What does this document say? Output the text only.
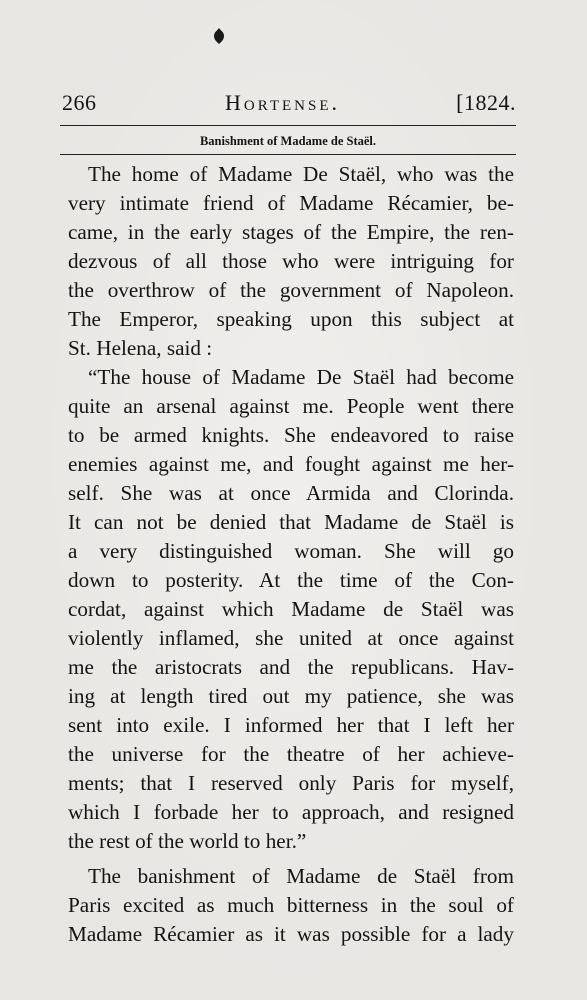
266	Hortense.	[1824.
Banishment of Madame de Staël.
The home of Madame De Staël, who was the
very intimate friend of Madame Récamier, be-
came, in the early stages of the Empire, the ren-
dezvous of all those who were intriguing for
the overthrow of the government of Napoleon.
The Emperor, speaking upon this subject at
St. Helena, said :
“The house of Madame De Staël had become
quite an arsenal against me. People went there
to be armed knights. She endeavored to raise
enemies against me, and fought against me her-
self. She was at once Armida and Clorinda.
It can not be denied that Madame de Staël is
a very distinguished woman. She will go
down to posterity. At the time of the Con-
cordat, against which Madame de Staël was
violently inflamed, she united at once against
me the aristocrats and the republicans. Hav-
ing at length tired out my patience, she was
sent into exile. I informed her that I left her
the universe for the theatre of her achieve-
ments; that I reserved only Paris for myself,
which I forbade her to approach, and resigned
the rest of the world to her.”
The banishment of Madame de Staël from
Paris excited as much bitterness in the soul of
Madame Récamier as it was possible for a lady
